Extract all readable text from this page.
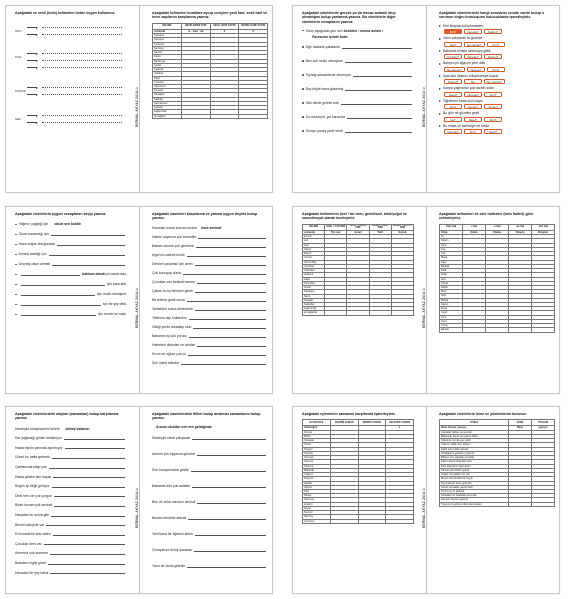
BERNAL AKYAZ 2014 ©
Aşağıdaki ve sesli (ünlü) kelimeleri üstün üçgen kullanınız.
OKU
KOŞ
KONUŞ
GEL
Aşağıdaki kelimeleri kurallara ayırıp ceviyleri yedi harf, sesli harf ve hece sayılarını karşılarına yazınız.
KELİME	HECELERİNE AYIR	SESLİ HARF SAYISI	SESSİZ HARF SAYISI
ormanda	or - man - da	3	3
bulmaca			
Şemsiye			
Kompüte			
Şemsiye			
bayram			
Kadın			
Barbunya			
Çanta			
Çakmak			
İstanbul			
Kağıt			
Yumurta			
Öğretmen			
Kimsesi			
Papağan			
Sağlıkçı			
pamukçusu			
aylarda			
sağlıcımak			
armağanlı				BERNAL AKYAZ 2014 ©
Aşağıdaki cümlelerde gerçek ya da mecaz anlamlı olup olmadığını bulup yanlarına yazınız. Bu cümlelerle diğer cümlelerin cevaplarını yazınız.
Yolun aşağıdaki gün sert
kesilden / mecaz anlam /
Parasızlar içinde kaldı.
Ağır hastalık yakalandı
Ben çok mutlu olmuştum
Toplağı yükseklerde durmuştu
Boy böyle bana güzelmiş
Tatlı dilinle gelirim bak
Su durmuyor, yol kanımda
Soruyu yavaş yanıt verdi
Aşağıdaki cümlelerdeki hangi sorularını cevabı vardır bulup o sorunun doğru kuruluşunu kutucuklarda işaretleyiniz.
Kim kitaplar kütüphaneden
Kim?	Nerede?	Neden?
Yarın çalışacak ta güzelce
Kaç?	Ne zaman?	Kim?
Babamla birlikte sinemaya gittik
Kiminle?	Nerede?	Neden?
Bahçe için ağacını yere dikti
Ne zaman?	Nereye?	Kim?
Ayla dün kitabını kütüphaneye koydu
Neden?	Ne	Ne zaman?
Kanpa yağmurlar çok sisinin sular
Nasıl?	Nerede?	Kim?
Öğretmen bana sözü kaptı
Kim?	Kimde?	Kimle?
Bu gün ne güzelim geçti
Ne?	Nasıl?	Kim?
Bu masa ve sandalye ne bizde
Nerede?	Kim?	Nasıl?
BERNAL AKYAZ 2014 ©
Aşağıdaki cümlelerin uygun cevaplarını seçip yazınız.
Yağmur yağdığı için okula sen katıldı
Okulu kazandığı için
Hava soğuk olduğundan
Annesi aradığı için
Geçmiş olsun demek
baklava alındı için hasta oldu.
için para aldı.
için mutlu olmuşum.
için bir şey dedi.
için emrim ve nasıl.
Aşağıdaki cümleleri karşılarına ve yanına uygun deyimi bulup yazınız.
Kazadan sonra kolumu kırdım ilave sevindi
Haberi duyunca çok sevindim
Babası onunla çok gezmedi
Ayşe'nin kalemi kırıldı
Dersleri çalışmak için derin
Çok konuşup durdu
Çocuklar onu bekledi hemen
Çabuk bu işi bitirmen gerek
Bir telefon geldi sonra
Yemekten sonra dinlenmek
Telefonu alıp kullandım
Gittiği yerde arkadaşı oldu
Babamın işi çok yorucu
Haberleri dinledim ve izledim
Kızım ve oğlum çok iyi
Son ödevi bitirdim
BERNAL AKYAZ 2014 ©
Aşağıdaki kelimelerin özel / tür isim, genel/özel, tekil/çoğul ve somut/soyut olarak inceleyiniz.
KELİME	ÖZEL / TÜR İSİM	TEKİL / ÇOĞUL İSİM	GENEL / ÖZEL İSİM	SOMUT / SOYUT İSİM
ormanda	Tür isim	Genel	Tekil	Somut
kırmızı				
yaz				
Sevi				
Havuz				
Ekşimi				
Yemek				
Ahmet Bey				
Çocuklar				
Çekirdek				
İstanbul				
Kağıt				
Pamuklar				
Güzel				
Papağan				
Sarılı				
hayatlar				
balıkçılar				
sağlıcımak				
armağanlar				
Aşağıdaki kelimeleri ek ekle hallerine (isim halleri) göre çekimleyiniz.
Yalın hali	-i hali	-e hali	-de hali	-den hali
Kitap	Kitabı	Kitaba	Kitapta	Kitaptan
Ev				
Kalem				
Okul				
Kuş				
Çay				
Masa				
Kapı				
Bardak				
Kedi				
Kitap				
Göz				
Çanta				
Defter				
Mavi				
Silgi				
Bebek				
Kavun				
Elma				
Ceviz				
Kutu				
Kuzu				
Limon				
Ekmek				
BERNAL AKYAZ 2014 ©
Aşağıdaki cümlelerdeki olayları (zamanları) bulup karşılarına yazınız.
Kardeşim kütüphanemi kirletti bitmiş kaldıran
Kar yağacağı günler bekleniyor
Hasta eşinin yanında ayrılmıyor
Günel bu hafta gelecek
Çantasında kitap yok
Hasta gözleri tam kapalı
Bugün iyi değil görüyor
Dedi hem de çok yorgun
Bizim hocam çok sevindi
Havadan bu sonra gitti
Benim bahçede var
Evin karanlık sesi zaten
Çocuklar ders var
Annemiz çok sevecen
Babaların ilgisi güzel
Havadan bir şey istedi
Aşağıdaki cümlelerdeki fiilleri bulup anlamını zamanlarını bulup yazınız.
Arama okuldan sen eve geldiğinde
Kardeşim rahat çalışacak
Annem çok eşyasını güzelce
Dün buraya kadar geldik
Babamla dün çok anlattık
Ben ve onlar canımız sevindi
Bunları kendine alacak
Yeni bana bir öğrenci aldım
Cevaplarını bulup yazacak
Yarın bir okula gidelim
BERNAL AKYAZ 2014 ©
Aşağıdaki eylemlerin zamanını karşılarına işaretleyiniz.
EYLEM (Fiil)	GEÇMİŞ ZAMAN	ŞİMDİKİ ZAMAN	GELECEK ZAMAN
Gideceğim			x
Okuyor			
Buldu			
Yazacak			
Yendi			
Tarayor			
Gelmek			
Sürecek			
Koşmuş			
Sıkılmış			
Bakacak			
Yağıyor			
Duyuyor			
Alacak			
Ağlıyor			
Pişti			
Dövüş			
Oturmuş			
Aradım			
Koşar			
Seviyor			
Sürmüş			
Umursuz			
Aşağıdaki cümlelerin özne ve yüklemlerini bulunuz.
CÜMLE	ÖZNE	YÜKLEM
Biraz konser yapıyor	Dizer	yapıyor
Çocuklar bahçe oynuyorlar		
Babamlar kendi yemeğimi aldım		
Öğretmen sınıfa geç geldi		
Yağmur yağdı dün akşam		
Hafta sonu tatile gitmek		
Arkadaşımı gelirsem yaptınız		
Bizlere onu çalıştığı çocuklar		
Kalem kendi dosyada tutar		
Ezel ödevlerini yapmadım		
Okuran tam kitabı getirdi		
Kuşlar ve kuşların bir çok		
Meyve denizindeki bir kayık		
Sonunda bir toplu göründü		
Kovan ne kadar yaptık dedi		
Fırtına iyi ve gülerek		
Arkadaşımız bekledik sonunda		
Kamyon hemen geçiyor		
Topçumuz gelmesi düzenlenmişken		
